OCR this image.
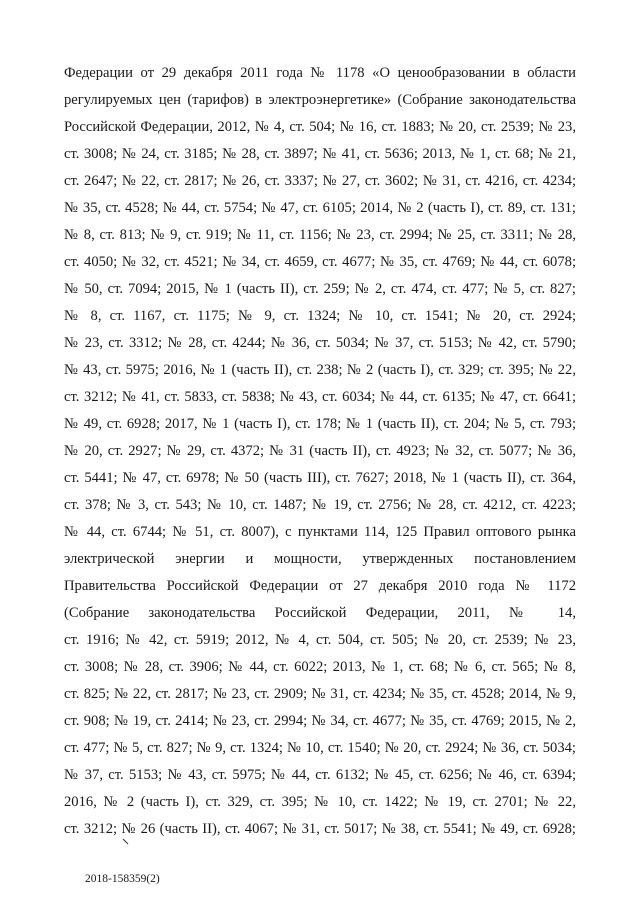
Федерации от 29 декабря 2011 года № 1178 «О ценообразовании в области
регулируемых цен (тарифов) в электроэнергетике» (Собрание законодательства
Российской Федерации, 2012, № 4, ст. 504; № 16, ст. 1883; № 20, ст. 2539; № 23,
ст. 3008; № 24, ст. 3185; № 28, ст. 3897; № 41, ст. 5636; 2013, № 1, ст. 68; № 21,
ст. 2647; № 22, ст. 2817; № 26, ст. 3337; № 27, ст. 3602; № 31, ст. 4216, ст. 4234;
№ 35, ст. 4528; № 44, ст. 5754; № 47, ст. 6105; 2014, № 2 (часть I), ст. 89, ст. 131;
№ 8, ст. 813; № 9, ст. 919; № 11, ст. 1156; № 23, ст. 2994; № 25, ст. 3311; № 28,
ст. 4050; № 32, ст. 4521; № 34, ст. 4659, ст. 4677; № 35, ст. 4769; № 44, ст. 6078;
№ 50, ст. 7094; 2015, № 1 (часть II), ст. 259; № 2, ст. 474, ст. 477; № 5, ст. 827;
№ 8, ст. 1167, ст. 1175; № 9, ст. 1324; № 10, ст. 1541; № 20, ст. 2924;
№ 23, ст. 3312; № 28, ст. 4244; № 36, ст. 5034; № 37, ст. 5153; № 42, ст. 5790;
№ 43, ст. 5975; 2016, № 1 (часть II), ст. 238; № 2 (часть I), ст. 329; ст. 395; № 22,
ст. 3212; № 41, ст. 5833, ст. 5838; № 43, ст. 6034; № 44, ст. 6135; № 47, ст. 6641;
№ 49, ст. 6928; 2017, № 1 (часть I), ст. 178; № 1 (часть II), ст. 204; № 5, ст. 793;
№ 20, ст. 2927; № 29, ст. 4372; № 31 (часть II), ст. 4923; № 32, ст. 5077; № 36,
ст. 5441; № 47, ст. 6978; № 50 (часть III), ст. 7627; 2018, № 1 (часть II), ст. 364,
ст. 378; № 3, ст. 543; № 10, ст. 1487; № 19, ст. 2756; № 28, ст. 4212, ст. 4223;
№ 44, ст. 6744; № 51, ст. 8007), с пунктами 114, 125 Правил оптового рынка
электрической энергии и мощности, утвержденных постановлением
Правительства Российской Федерации от 27 декабря 2010 года № 1172
(Собрание законодательства Российской Федерации, 2011, № 14,
ст. 1916; № 42, ст. 5919; 2012, № 4, ст. 504, ст. 505; № 20, ст. 2539; № 23,
ст. 3008; № 28, ст. 3906; № 44, ст. 6022; 2013, № 1, ст. 68; № 6, ст. 565; № 8,
ст. 825; № 22, ст. 2817; № 23, ст. 2909; № 31, ст. 4234; № 35, ст. 4528; 2014, № 9,
ст. 908; № 19, ст. 2414; № 23, ст. 2994; № 34, ст. 4677; № 35, ст. 4769; 2015, № 2,
ст. 477; № 5, ст. 827; № 9, ст. 1324; № 10, ст. 1540; № 20, ст. 2924; № 36, ст. 5034;
№ 37, ст. 5153; № 43, ст. 5975; № 44, ст. 6132; № 45, ст. 6256; № 46, ст. 6394;
2016, № 2 (часть I), ст. 329, ст. 395; № 10, ст. 1422; № 19, ст. 2701; № 22,
ст. 3212; № 26 (часть II), ст. 4067; № 31, ст. 5017; № 38, ст. 5541; № 49, ст. 6928;
2018-158359(2)
